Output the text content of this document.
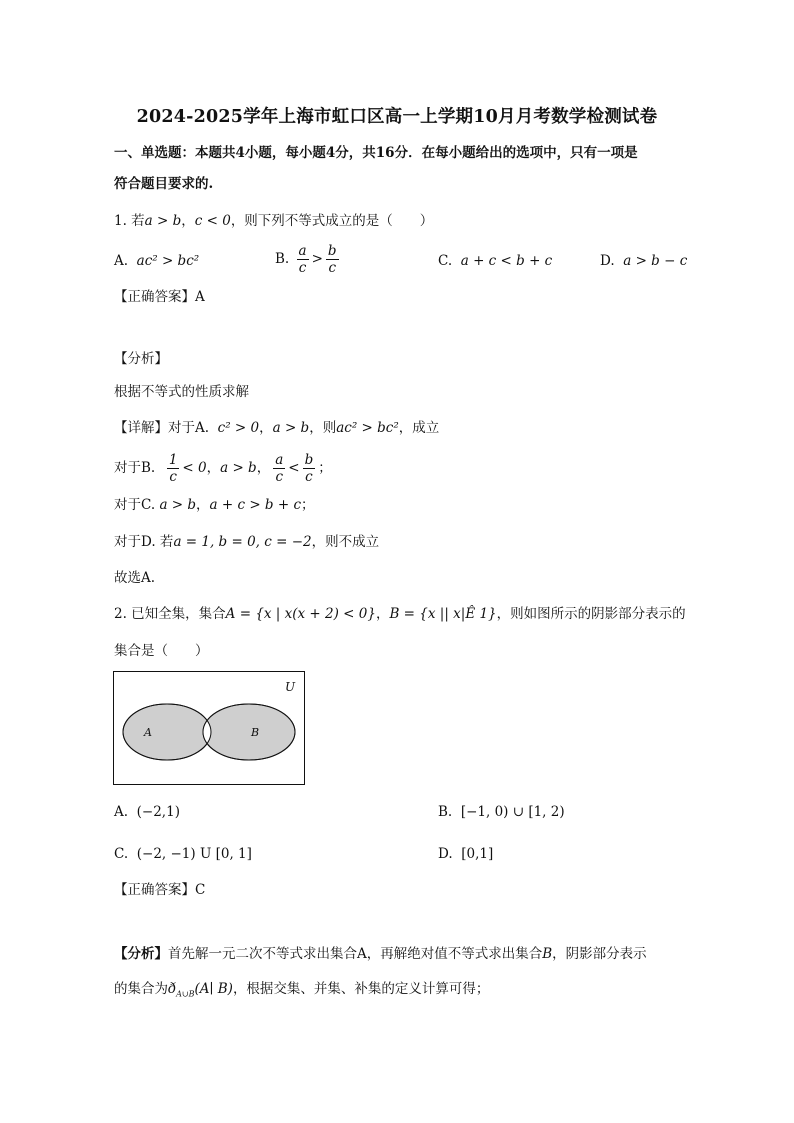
2024-2025学年上海市虹口区高一上学期10月月考数学检测试卷
一、单选题：本题共4小题，每小题4分，共16分．在每小题给出的选项中，只有一项是
符合题目要求的.
1. 若a > b，c < 0，则下列不等式成立的是（　　）
A. ac² > bc²	B. $\frac{a}{c} > \frac{b}{c}$	C. a + c < b + c	D. a > b − c
【正确答案】A
【分析】
根据不等式的性质求解
【详解】对于A. c² > 0，a > b，则ac² > bc²，成立
对于B. $\frac{1}{c} < 0$，a > b， $\frac{a}{c} < \frac{b}{c}$ ；
对于C. a > b，a + c > b + c；
对于D. 若a = 1, b = 0, c = −2，则不成立
故选A.
2. 已知全集，集合A = {x | x(x + 2) < 0}，B = {x || x|Ê 1}，则如图所示的阴影部分表示的
集合是（　　）
U
A	B
A. (−2,1)	B. [−1, 0) ∪ [1, 2)
C. (−2, −1) U [0, 1]	D. [0,1]
【正确答案】C
【分析】首先解一元二次不等式求出集合A，再解绝对值不等式求出集合B，阴影部分表示
的集合为$ð_{A\cup B}(A∣$ B)，根据交集、并集、补集的定义计算可得；
